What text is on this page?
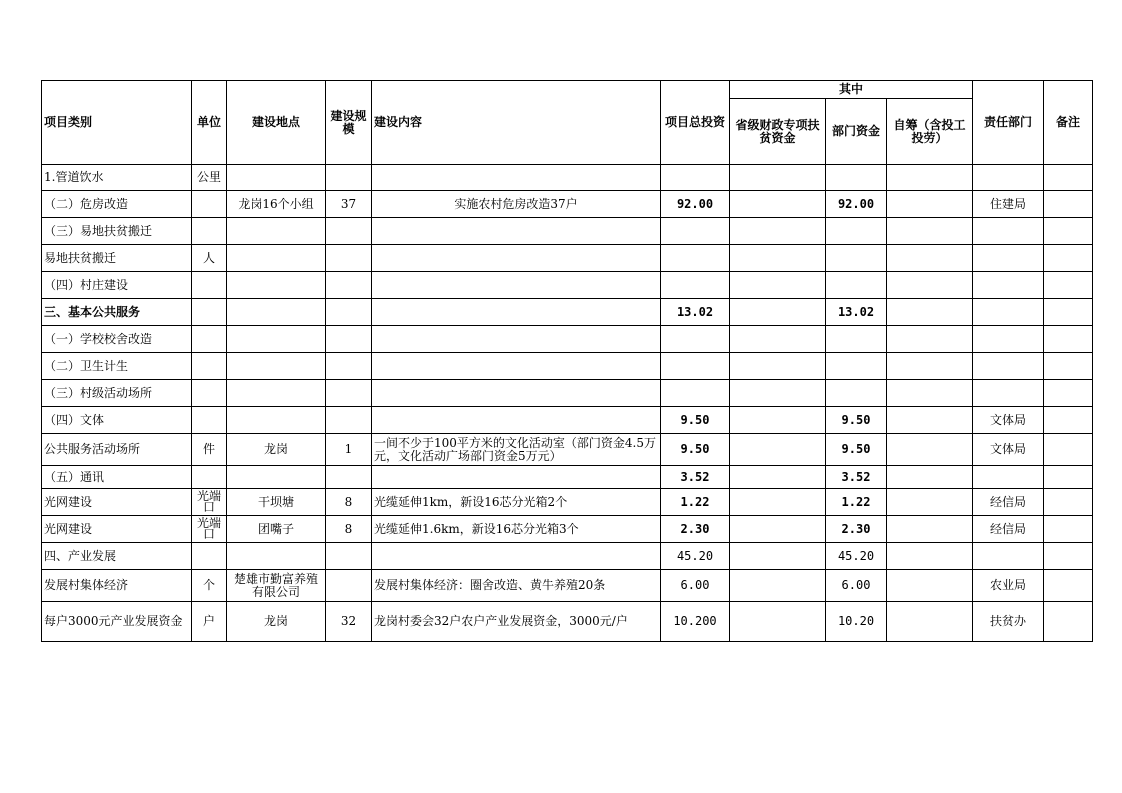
项目类别	单位	建设地点	建设规模	建设内容	项目总投资	其中			责任部门	备注
						省级财政专项扶贫资金	部门资金	自筹（含投工投劳）		
1.管道饮水	公里									
（二）危房改造		龙岗16个小组	37	实施农村危房改造37户	92.00		92.00		住建局	
（三）易地扶贫搬迁										
易地扶贫搬迁	人									
（四）村庄建设										
三、基本公共服务					13.02		13.02			
（一）学校校舍改造										
（二）卫生计生										
（三）村级活动场所										
（四）文体					9.50		9.50		文体局	
公共服务活动场所	件	龙岗	1	一间不少于100平方米的文化活动室（部门资金4.5万元，文化活动广场部门资金5万元）	9.50		9.50		文体局	
（五）通讯					3.52		3.52			
光网建设	光端口	干坝塘	8	光缆延伸1km，新设16芯分光箱2个	1.22		1.22		经信局	
光网建设	光端口	团嘴子	8	光缆延伸1.6km，新设16芯分光箱3个	2.30		2.30		经信局	
四、产业发展					45.20		45.20			
发展村集体经济	个	楚雄市勤富养殖有限公司		发展村集体经济：圈舍改造、黄牛养殖20条	6.00		6.00		农业局	
每户3000元产业发展资金	户	龙岗	32	龙岗村委会32户农户产业发展资金，3000元/户	10.200		10.20		扶贫办	
